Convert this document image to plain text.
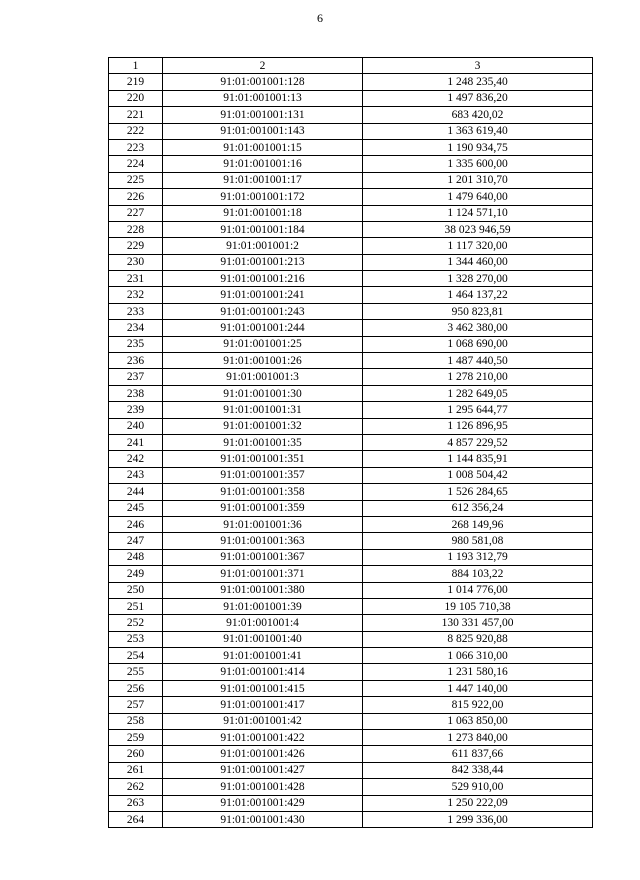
6
1	2	3
219	91:01:001001:128	1 248 235,40
220	91:01:001001:13	1 497 836,20
221	91:01:001001:131	683 420,02
222	91:01:001001:143	1 363 619,40
223	91:01:001001:15	1 190 934,75
224	91:01:001001:16	1 335 600,00
225	91:01:001001:17	1 201 310,70
226	91:01:001001:172	1 479 640,00
227	91:01:001001:18	1 124 571,10
228	91:01:001001:184	38 023 946,59
229	91:01:001001:2	1 117 320,00
230	91:01:001001:213	1 344 460,00
231	91:01:001001:216	1 328 270,00
232	91:01:001001:241	1 464 137,22
233	91:01:001001:243	950 823,81
234	91:01:001001:244	3 462 380,00
235	91:01:001001:25	1 068 690,00
236	91:01:001001:26	1 487 440,50
237	91:01:001001:3	1 278 210,00
238	91:01:001001:30	1 282 649,05
239	91:01:001001:31	1 295 644,77
240	91:01:001001:32	1 126 896,95
241	91:01:001001:35	4 857 229,52
242	91:01:001001:351	1 144 835,91
243	91:01:001001:357	1 008 504,42
244	91:01:001001:358	1 526 284,65
245	91:01:001001:359	612 356,24
246	91:01:001001:36	268 149,96
247	91:01:001001:363	980 581,08
248	91:01:001001:367	1 193 312,79
249	91:01:001001:371	884 103,22
250	91:01:001001:380	1 014 776,00
251	91:01:001001:39	19 105 710,38
252	91:01:001001:4	130 331 457,00
253	91:01:001001:40	8 825 920,88
254	91:01:001001:41	1 066 310,00
255	91:01:001001:414	1 231 580,16
256	91:01:001001:415	1 447 140,00
257	91:01:001001:417	815 922,00
258	91:01:001001:42	1 063 850,00
259	91:01:001001:422	1 273 840,00
260	91:01:001001:426	611 837,66
261	91:01:001001:427	842 338,44
262	91:01:001001:428	529 910,00
263	91:01:001001:429	1 250 222,09
264	91:01:001001:430	1 299 336,00
